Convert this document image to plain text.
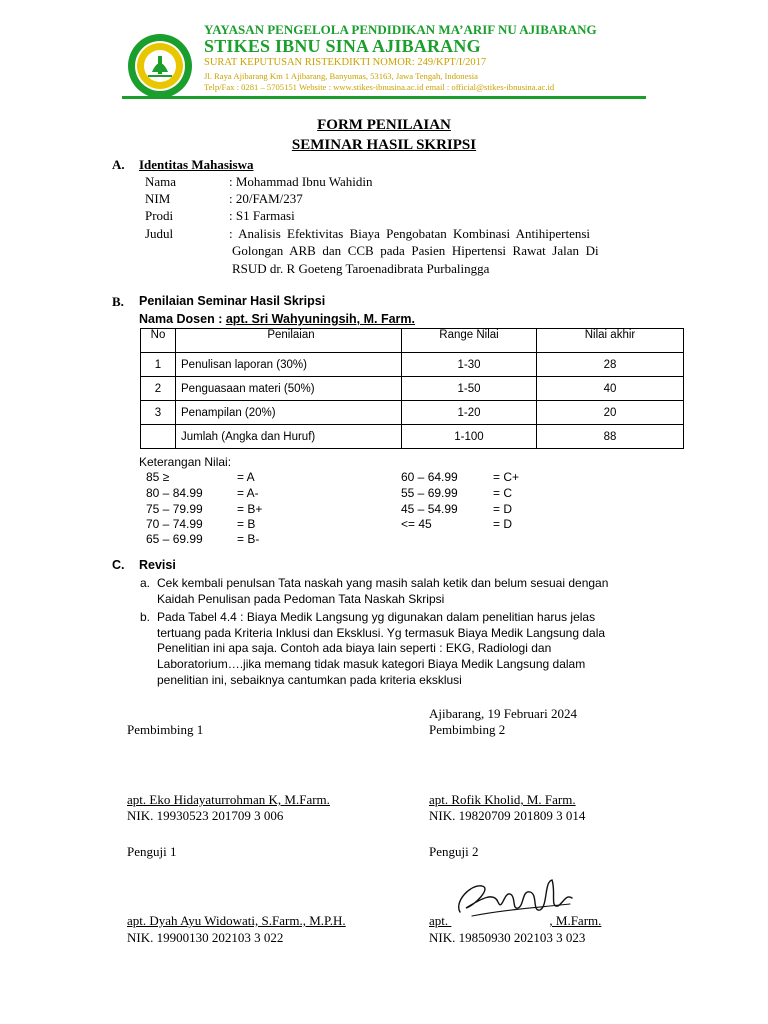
YAYASAN PENGELOLA PENDIDIKAN MA’ARIF NU AJIBARANG
STIKES IBNU SINA AJIBARANG
SURAT KEPUTUSAN RISTEKDIKTI NOMOR: 249/KPT/I/2017
Jl. Raya Ajibarang Km 1 Ajibarang, Banyumas, 53163, Jawa Tengah, Indonesia
Telp/Fax : 0281 – 5705151 Website : www.stikes-ibnusina.ac.id email : official@stikes-ibnusina.ac.id
FORM PENILAIAN
SEMINAR HASIL SKRIPSI
A. Identitas Mahasiswa
Nama	: Mohammad Ibnu Wahidin
NIM	: 20/FAM/237
Prodi	: S1 Farmasi
Judul	: Analisis Efektivitas Biaya Pengobatan Kombinasi Antihipertensi
Golongan ARB dan CCB pada Pasien Hipertensi Rawat Jalan Di
RSUD dr. R Goeteng Taroenadibrata Purbalingga
B. Penilaian Seminar Hasil Skripsi
Nama Dosen : apt. Sri Wahyuningsih, M. Farm.
No	Penilaian	Range Nilai	Nilai akhir
1	Penulisan laporan (30%)	1-30	28
2	Penguasaan materi (50%)	1-50	40
3	Penampilan (20%)	1-20	20
	Jumlah (Angka dan Huruf)	1-100	88
Keterangan Nilai:
85 ≥	= A
80 – 84.99	= A-
75 – 79.99	= B+
70 – 74.99	= B
65 – 69.99	= B-
60 – 64.99	= C+
55 – 69.99	= C
45 – 54.99	= D
<= 45	= D
C. Revisi
a. Cek kembali penulsan Tata naskah yang masih salah ketik dan belum sesuai dengan
Kaidah Penulisan pada Pedoman Tata Naskah Skripsi
b. Pada Tabel 4.4 : Biaya Medik Langsung yg digunakan dalam penelitian harus jelas
tertuang pada Kriteria Inklusi dan Eksklusi. Yg termasuk Biaya Medik Langsung dala
Penelitian ini apa saja. Contoh ada biaya lain seperti : EKG, Radiologi dan
Laboratorium….jika memang tidak masuk kategori Biaya Medik Langsung dalam
penelitian ini, sebaiknya cantumkan pada kriteria eksklusi
Ajibarang, 19 Februari 2024
Pembimbing 1	Pembimbing 2
apt. Eko Hidayaturrohman K, M.Farm.
NIK. 19930523 201709 3 006
apt. Rofik Kholid, M. Farm.
NIK. 19820709 201809 3 014
Penguji 1	Penguji 2
apt. Dyah Ayu Widowati, S.Farm., M.P.H.
NIK. 19900130 202103 3 022
apt.	, M.Farm.
NIK. 19850930 202103 3 023
